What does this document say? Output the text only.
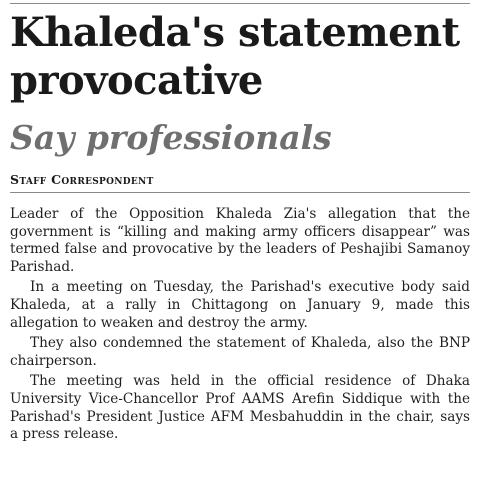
Khaleda's statement provocative
Say professionals
Staff Correspondent

Leader of the Opposition Khaleda Zia's allegation that the government is “killing and making army officers disappear” was termed false and provocative by the leaders of Peshajibi Samanoy Parishad.

In a meeting on Tuesday, the Parishad's executive body said Khaleda, at a rally in Chittagong on January 9, made this allegation to weaken and destroy the army.

They also condemned the statement of Khaleda, also the BNP chairperson.

The meeting was held in the official residence of Dhaka University Vice-Chancellor Prof AAMS Arefin Siddique with the Parishad's President Justice AFM Mesbahuddin in the chair, says a press release.
